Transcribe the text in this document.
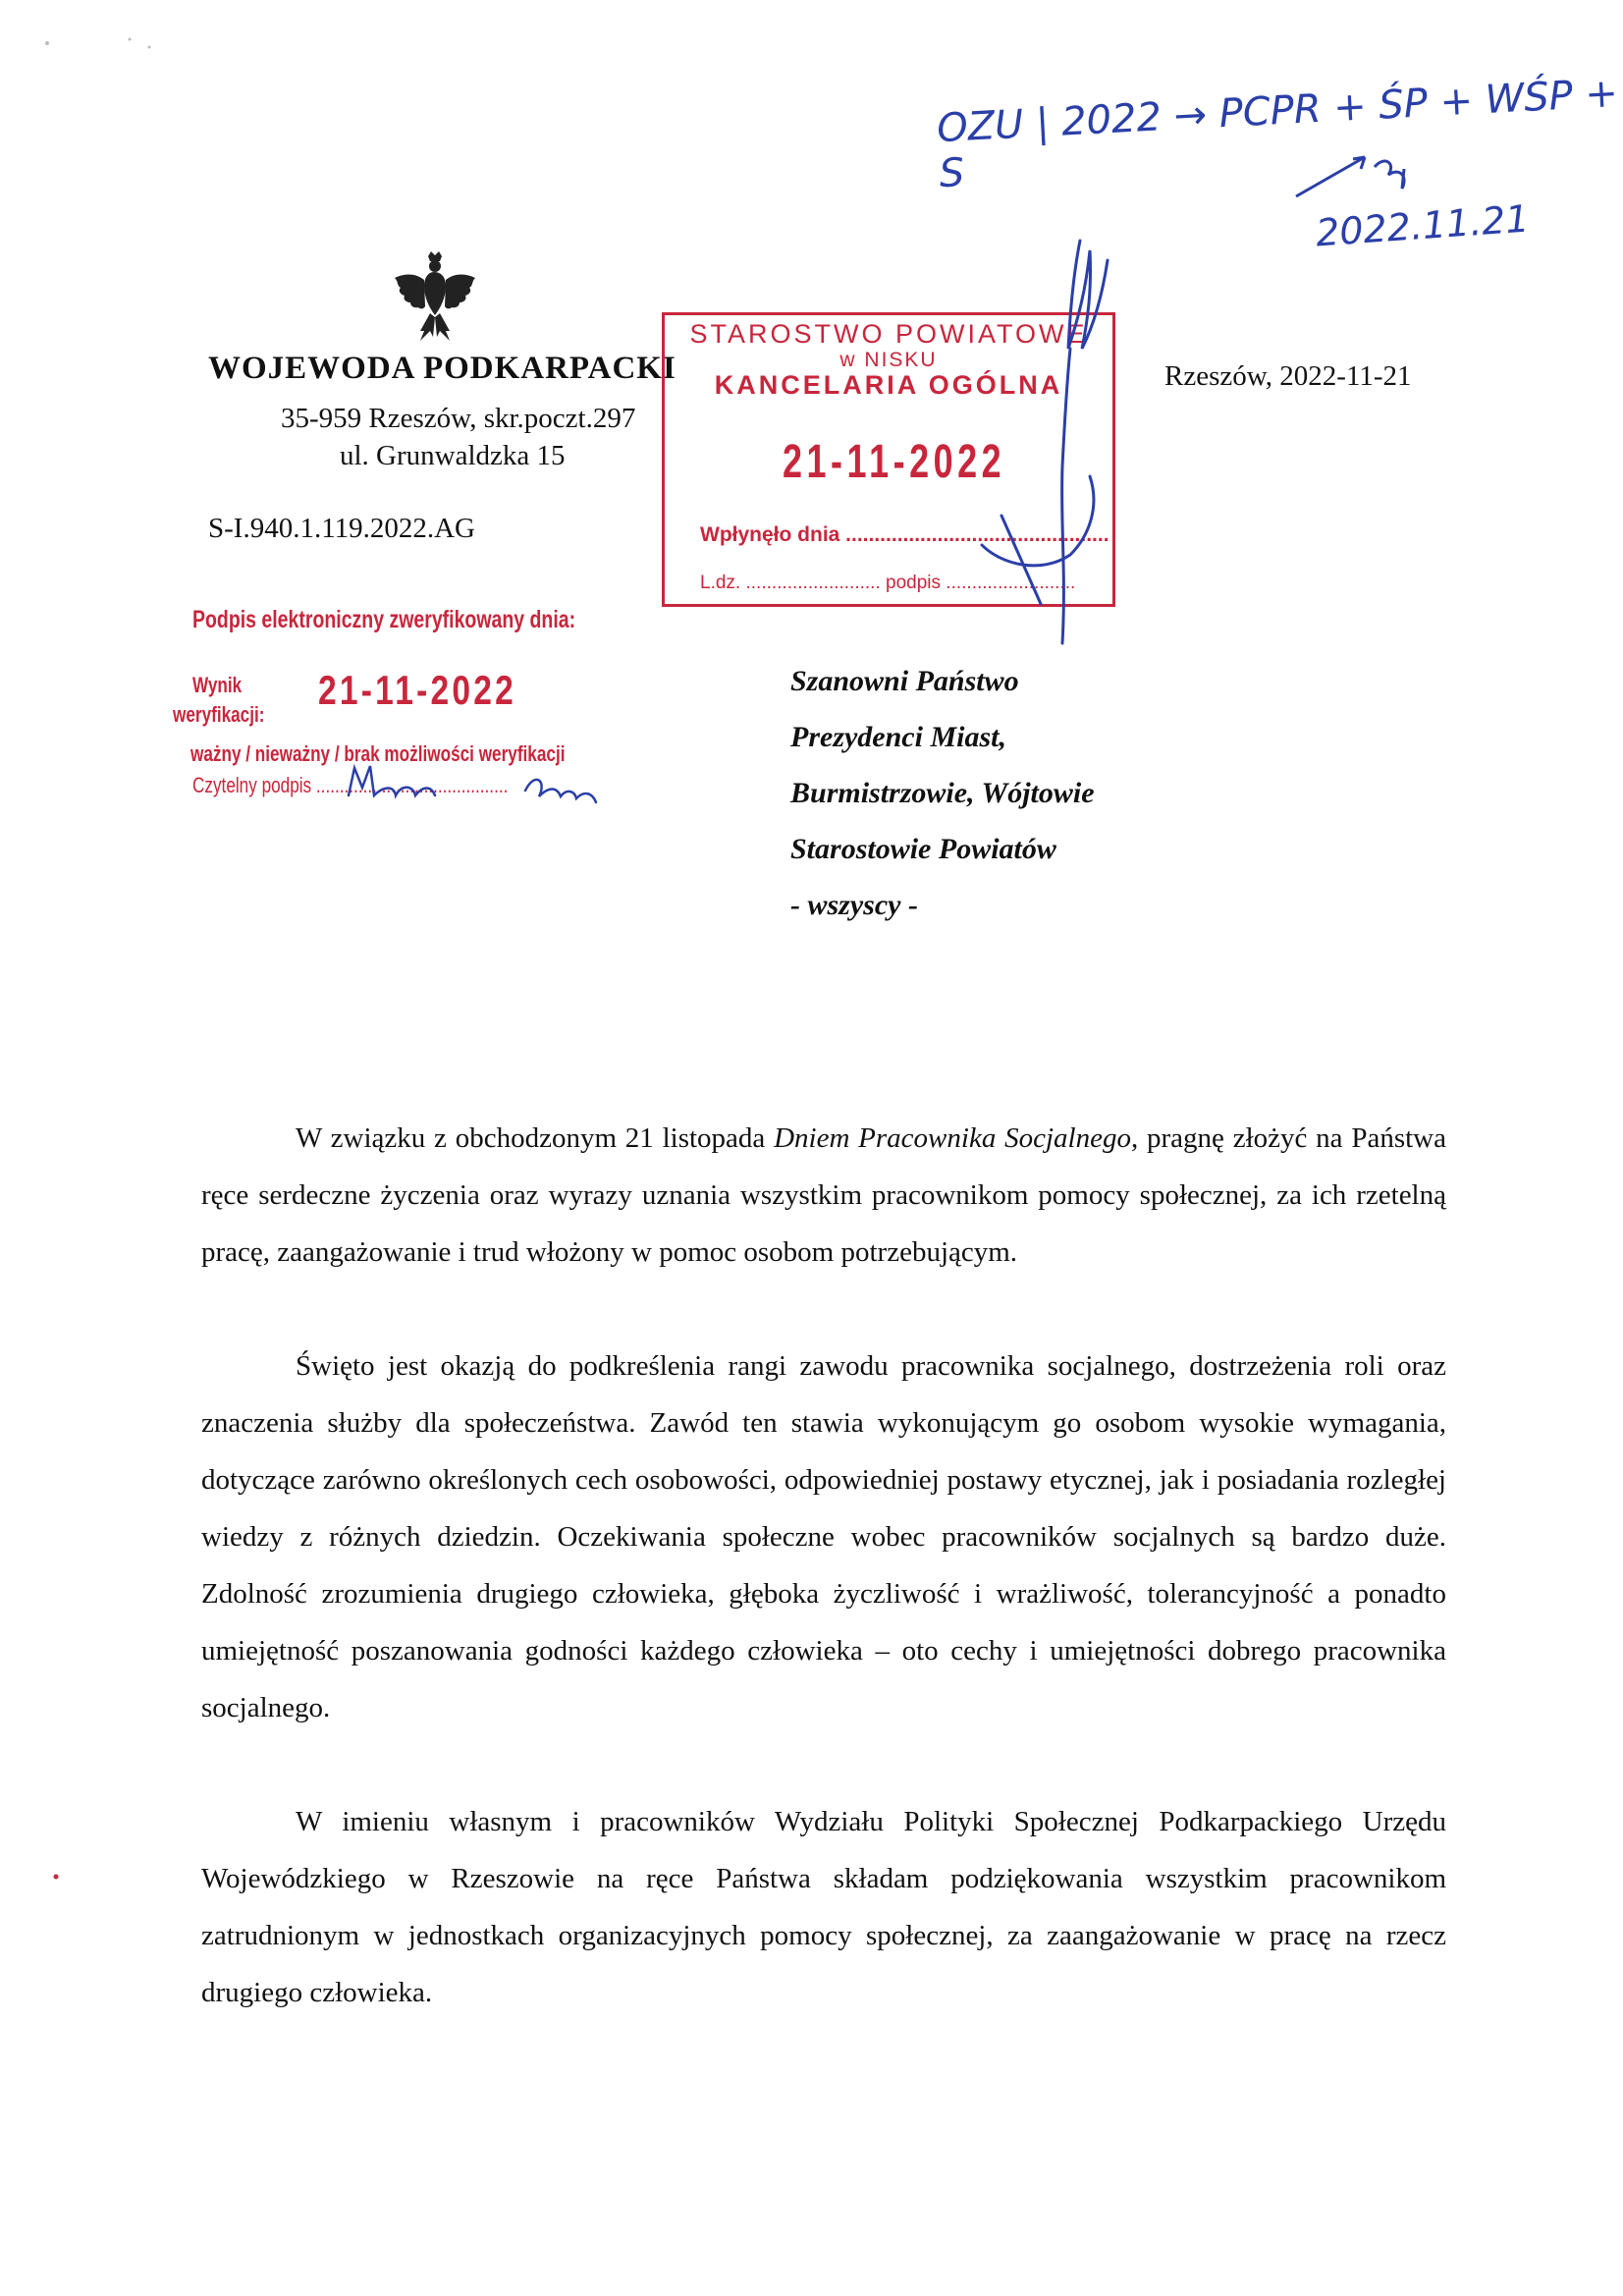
WOJEWODA PODKARPACKI
35-959 Rzeszów, skr.poczt.297
ul. Grunwaldzka 15
S-I.940.1.119.2022.AG
Rzeszów, 2022-11-21
STAROSTWO POWIATOWE
w NISKU
KANCELARIA OGÓLNA
21-11-2022
Wpłynęło dnia ..............................................
L.dz. .......................... podpis .........................
OZU | 2022 → PCPR + ŚP + WŚP + S
2022.11.21
Podpis elektroniczny zweryfikowany dnia:
Wynik
weryfikacji:
21-11-2022
ważny / nieważny / brak możliwości weryfikacji
Czytelny podpis .........................................
Szanowni Państwo
Prezydenci Miast,
Burmistrzowie, Wójtowie
Starostowie Powiatów
- wszyscy -
W związku z obchodzonym 21 listopada Dniem Pracownika Socjalnego, pragnę złożyć na Państwa ręce serdeczne życzenia oraz wyrazy uznania wszystkim pracownikom pomocy społecznej, za ich rzetelną pracę, zaangażowanie i trud włożony w pomoc osobom potrzebującym.
Święto jest okazją do podkreślenia rangi zawodu pracownika socjalnego, dostrzeżenia roli oraz znaczenia służby dla społeczeństwa. Zawód ten stawia wykonującym go osobom wysokie wymagania, dotyczące zarówno określonych cech osobowości, odpowiedniej postawy etycznej, jak i posiadania rozległej wiedzy z różnych dziedzin. Oczekiwania społeczne wobec pracowników socjalnych są bardzo duże. Zdolność zrozumienia drugiego człowieka, głęboka życzliwość i wrażliwość, tolerancyjność a ponadto umiejętność poszanowania godności każdego człowieka – oto cechy i umiejętności dobrego pracownika socjalnego.
W imieniu własnym i pracowników Wydziału Polityki Społecznej Podkarpackiego Urzędu Wojewódzkiego w Rzeszowie na ręce Państwa składam podziękowania wszystkim pracownikom zatrudnionym w jednostkach organizacyjnych pomocy społecznej, za zaangażowanie w pracę na rzecz drugiego człowieka.
